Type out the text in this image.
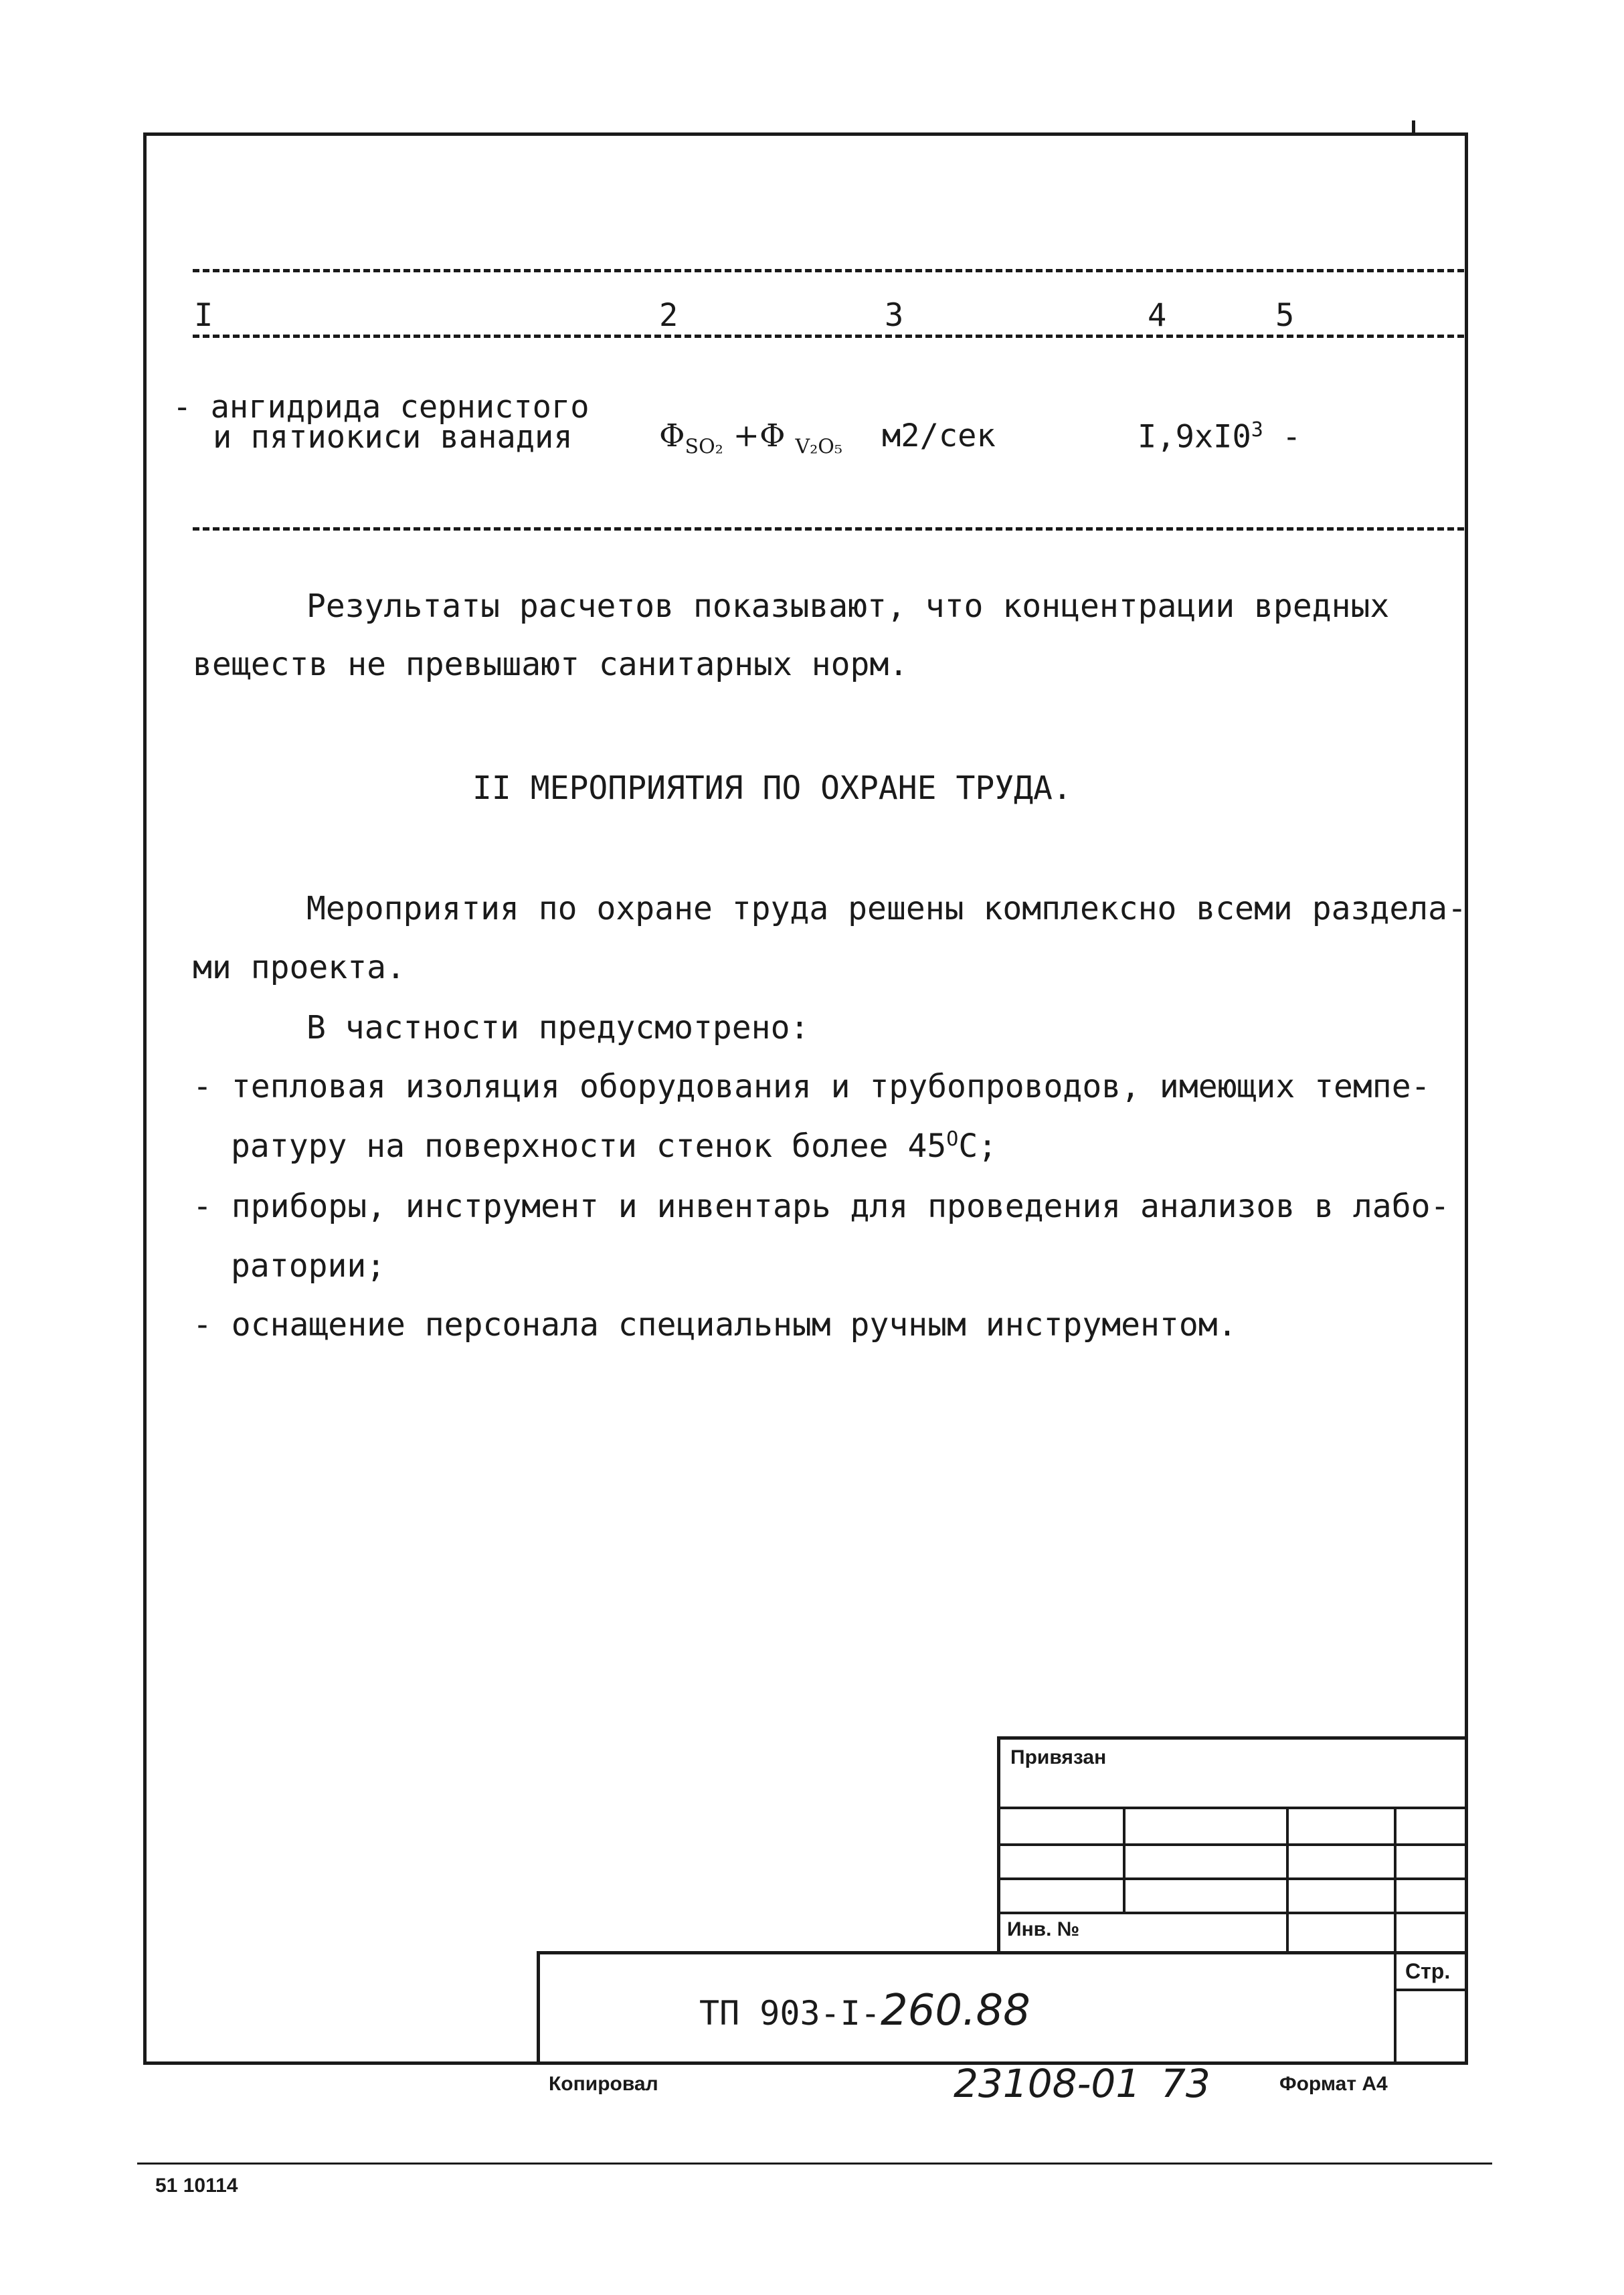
I	2	3	4	5
- ангидрида сернистого
и пятиокиси ванадия	$\Phi_{SO_2} +\Phi$ $_{V_2O_5}$ м2/сек	$I,9xI0^3$ -
Результаты расчетов показывают, что концентрации вредных
веществ не превышают санитарных норм.
II МЕРОПРИЯТИЯ ПО ОХРАНЕ ТРУДА.
Мероприятия по охране труда решены комплексно всеми разделa-
ми проекта.
В частности предусмотрено:
- тепловая изоляция оборудования и трубопроводов, имеющих темпе-
ратуру на поверхности стенок более $45^OС$;
- приборы, инструмент и инвентарь для проведения анализов в лабо-
ратории;
- оснащение персонала специальным ручным инструментом.
Привязан
Инв. №
Стр.
ТП 903-I-260.88
Копировал	23108-01 73	Формат А4
51 10114
